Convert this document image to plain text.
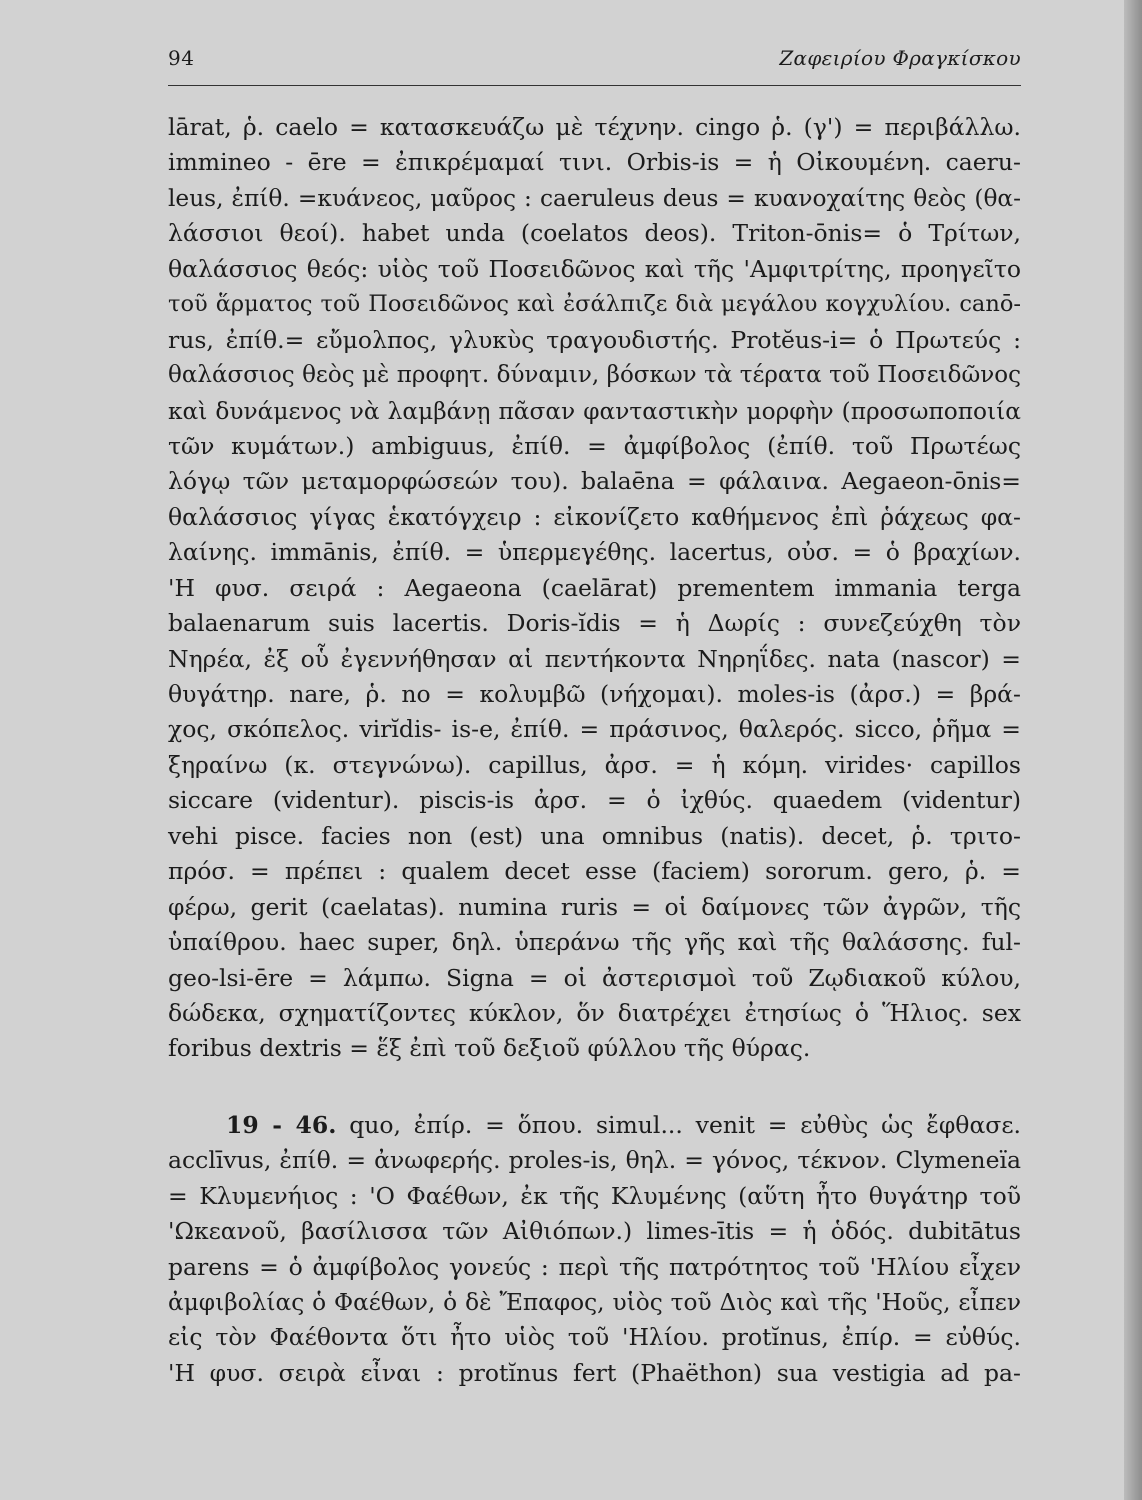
94	Ζαφειρίου Φραγκίσκου
lārat, ῥ. caelo = κατασκευάζω μὲ τέχνην. cingo ῥ. (γ') = περιβάλλω.
immineo - ēre = ἐπικρέμαμαί τινι. Orbis-is = ἡ Οἰκουμένη. caeru-
leus, ἐπίθ. =κυάνεος, μαῦρος : caeruleus deus = κυανοχαίτης θεὸς (θα-
λάσσιοι θεοί). habet unda (coelatos deos). Triton-ōnis= ὁ Τρίτων,
θαλάσσιος θεός: υἱὸς τοῦ Ποσειδῶνος καὶ τῆς 'Αμφιτρίτης, προηγεῖτο
τοῦ ἅρματος τοῦ Ποσειδῶνος καὶ ἐσάλπιζε διὰ μεγάλου κογχυλίου. canō-
rus, ἐπίθ.= εὔμολπος, γλυκὺς τραγουδιστής. Protĕus-i= ὁ Πρωτεύς :
θαλάσσιος θεὸς μὲ προφητ. δύναμιν, βόσκων τὰ τέρατα τοῦ Ποσειδῶνος
καὶ δυνάμενος νὰ λαμβάνῃ πᾶσαν φανταστικὴν μορφὴν (προσωποποιία
τῶν κυμάτων.) ambiguus, ἐπίθ. = ἀμφίβολος (ἐπίθ. τοῦ Πρωτέως
λόγῳ τῶν μεταμορφώσεών του). balaēna = φάλαινα. Aegaeon-ōnis=
θαλάσσιος γίγας ἑκατόγχειρ : εἰκονίζετο καθήμενος ἐπὶ ῥάχεως φα-
λαίνης. immānis, ἐπίθ. = ὑπερμεγέθης. lacertus, οὐσ. = ὁ βραχίων.
'Η φυσ. σειρά : Aegaeona (caelārat) prementem immania terga
balaenarum suis lacertis. Doris-ĭdis = ἡ Δωρίς : συνεζεύχθη τὸν
Νηρέα, ἐξ οὗ ἐγεννήθησαν αἱ πεντήκοντα Νηρηΐδες. nata (nascor) =
θυγάτηρ. nare, ῥ. no = κολυμβῶ (νήχομαι). moles-is (ἀρσ.) = βρά-
χος, σκόπελος. virĭdis- is-e, ἐπίθ. = πράσινος, θαλερός. sicco, ῥῆμα =
ξηραίνω (κ. στεγνώνω). capillus, ἀρσ. = ἡ κόμη. virides· capillos
siccare (videntur). piscis-is ἀρσ. = ὁ ἰχθύς. quaedem (videntur)
vehi pisce. facies non (est) una omnibus (natis). decet, ῥ. τριτο-
πρόσ. = πρέπει : qualem decet esse (faciem) sororum. gero, ῥ. =
φέρω, gerit (caelatas). numina ruris = οἱ δαίμονες τῶν ἀγρῶν, τῆς
ὑπαίθρου. haec super, δηλ. ὑπεράνω τῆς γῆς καὶ τῆς θαλάσσης. ful-
geo-lsi-ēre = λάμπω. Signa = οἱ ἀστερισμοὶ τοῦ Ζῳδιακοῦ κύλου,
δώδεκα, σχηματίζοντες κύκλον, ὅν διατρέχει ἐτησίως ὁ Ἥλιος. sex
foribus dextris = ἕξ ἐπὶ τοῦ δεξιοῦ φύλλου τῆς θύρας.
19 - 46. quo, ἐπίρ. = ὅπου. simul... venit = εὐθὺς ὡς ἔφθασε.
acclīvus, ἐπίθ. = ἀνωφερής. proles-is, θηλ. = γόνος, τέκνον. Clymeneïa
= Κλυμενήιος : 'Ο Φαέθων, ἐκ τῆς Κλυμένης (αὕτη ἦτο θυγάτηρ τοῦ
'Ωκεανοῦ, βασίλισσα τῶν Αἰθιόπων.) limes-ītis = ἡ ὁδός. dubitātus
parens = ὁ ἀμφίβολος γονεύς : περὶ τῆς πατρότητος τοῦ 'Ηλίου εἶχεν
ἀμφιβολίας ὁ Φαέθων, ὁ δὲ Ἔπαφος, υἱὸς τοῦ Διὸς καὶ τῆς 'Ηοῦς, εἶπεν
εἰς τὸν Φαέθοντα ὅτι ἦτο υἱὸς τοῦ 'Ηλίου. protĭnus, ἐπίρ. = εὐθύς.
'Η φυσ. σειρὰ εἶναι : protĭnus fert (Phaëthon) sua vestigia ad pa-
